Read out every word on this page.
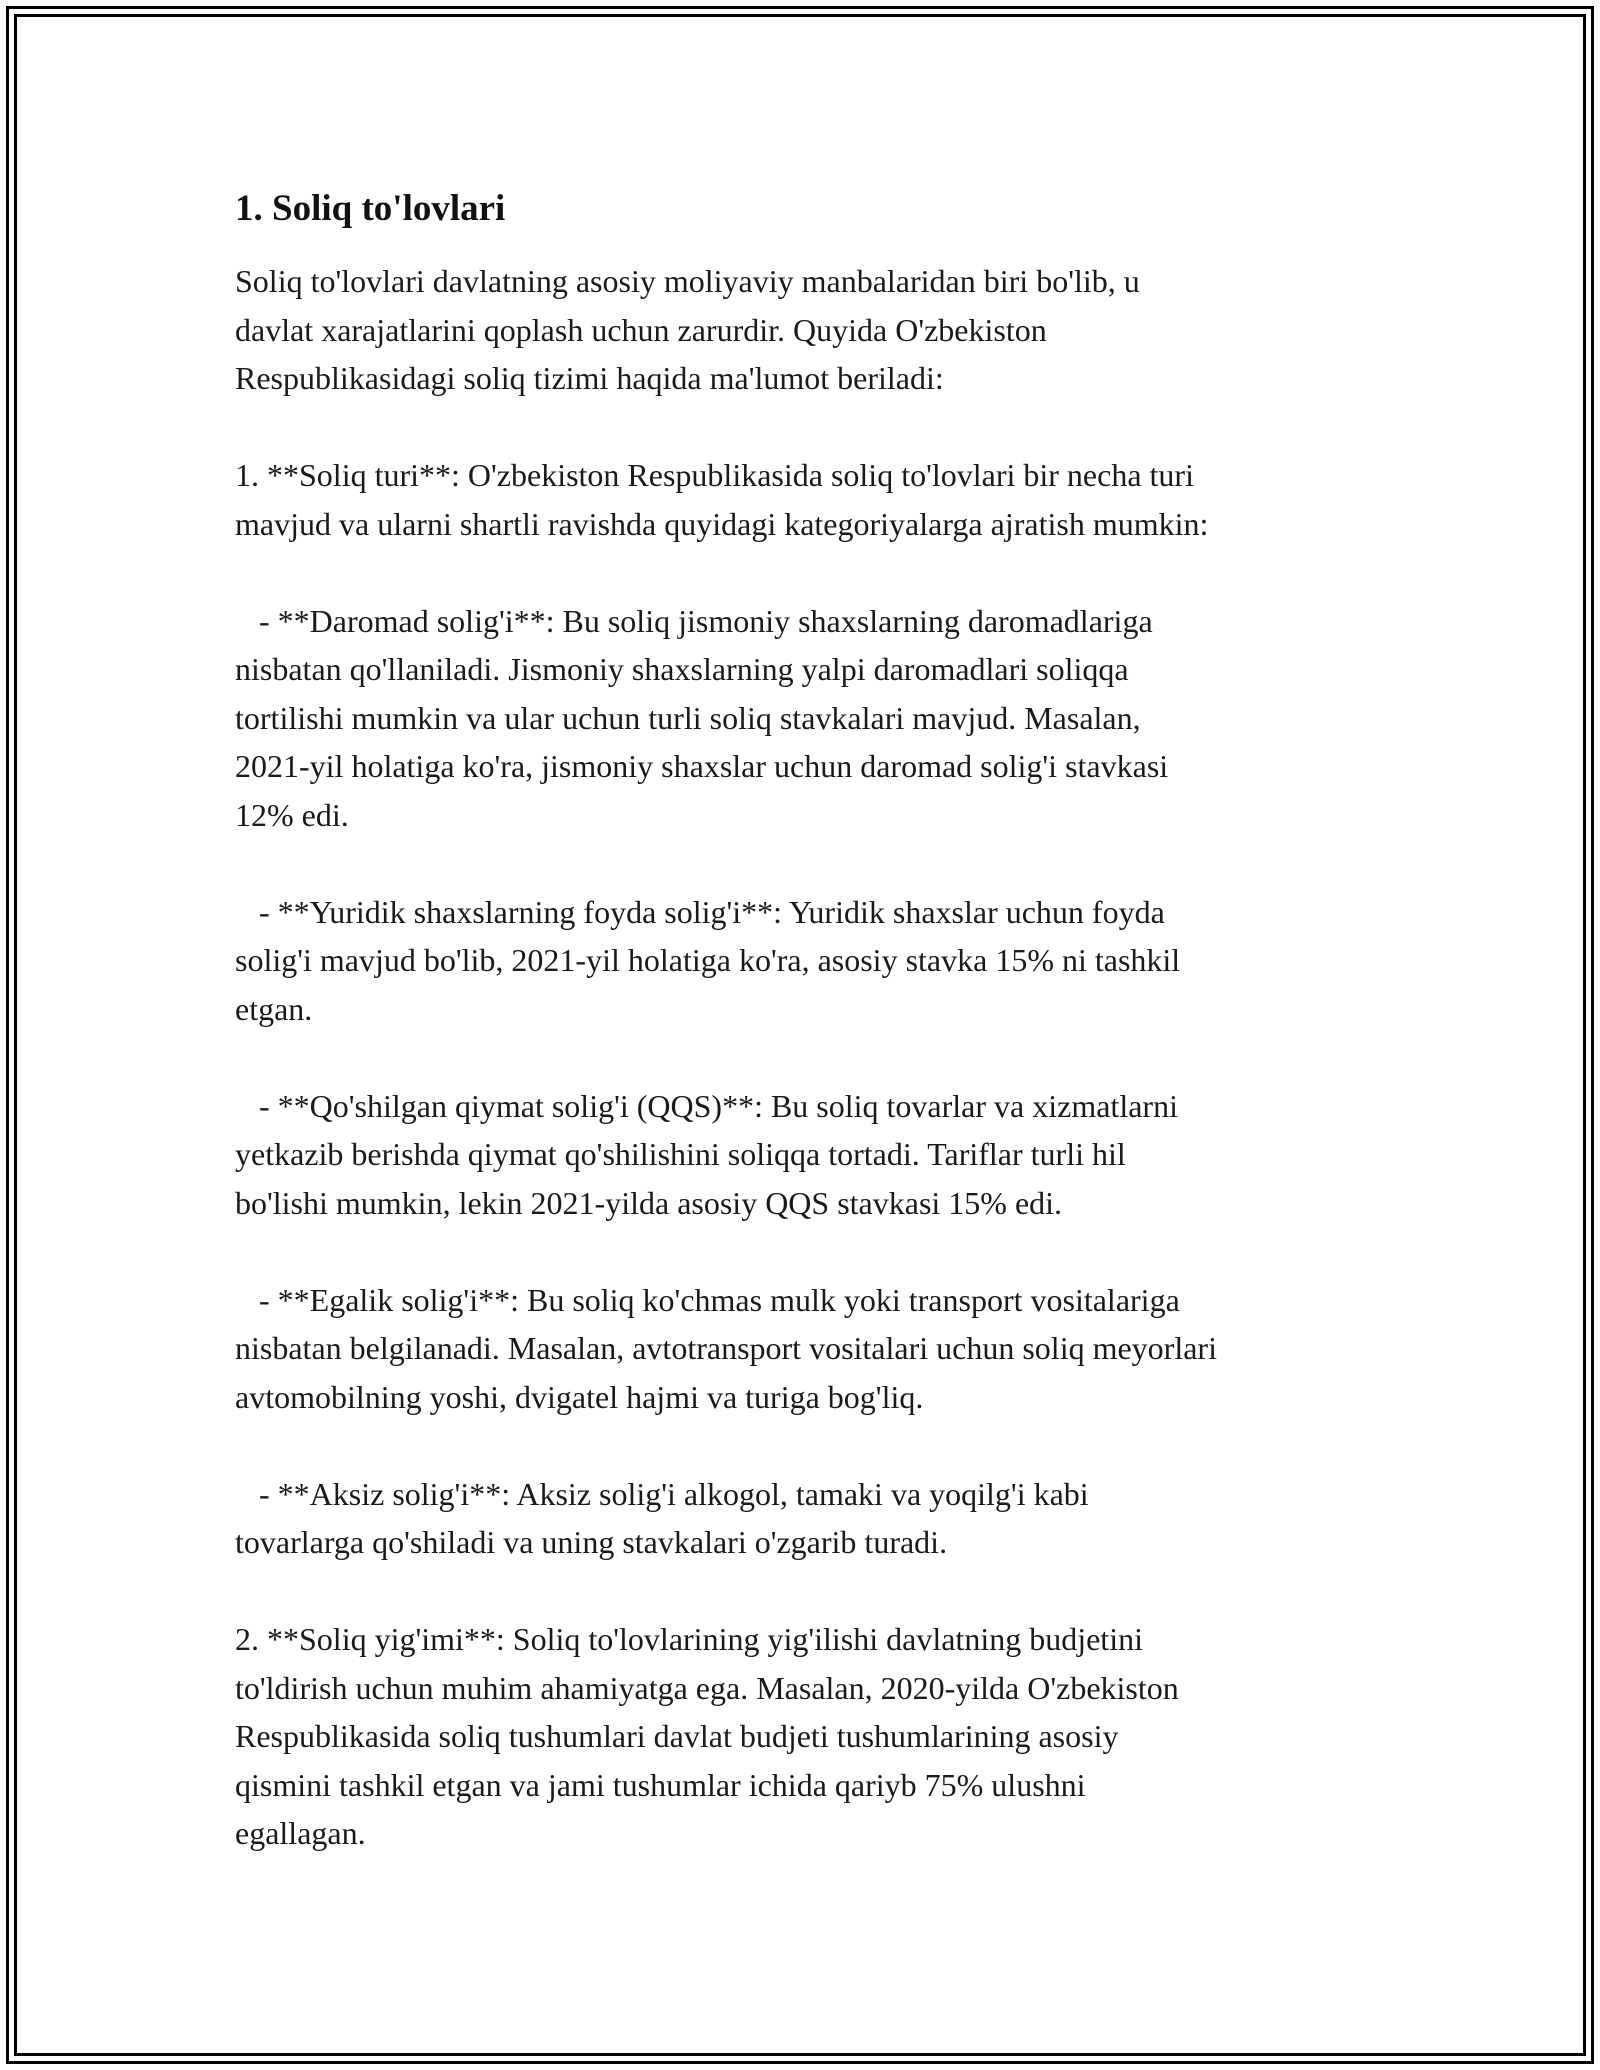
1. Soliq to'lovlari

Soliq to'lovlari davlatning asosiy moliyaviy manbalaridan biri bo'lib, u
davlat xarajatlarini qoplash uchun zarurdir. Quyida O'zbekiston
Respublikasidagi soliq tizimi haqida ma'lumot beriladi:

1. **Soliq turi**: O'zbekiston Respublikasida soliq to'lovlari bir necha turi
mavjud va ularni shartli ravishda quyidagi kategoriyalarga ajratish mumkin:

- **Daromad solig'i**: Bu soliq jismoniy shaxslarning daromadlariga
nisbatan qo'llaniladi. Jismoniy shaxslarning yalpi daromadlari soliqqa
tortilishi mumkin va ular uchun turli soliq stavkalari mavjud. Masalan,
2021-yil holatiga ko'ra, jismoniy shaxslar uchun daromad solig'i stavkasi
12% edi.

- **Yuridik shaxslarning foyda solig'i**: Yuridik shaxslar uchun foyda
solig'i mavjud bo'lib, 2021-yil holatiga ko'ra, asosiy stavka 15% ni tashkil
etgan.

- **Qo'shilgan qiymat solig'i (QQS)**: Bu soliq tovarlar va xizmatlarni
yetkazib berishda qiymat qo'shilishini soliqqa tortadi. Tariflar turli hil
bo'lishi mumkin, lekin 2021-yilda asosiy QQS stavkasi 15% edi.

- **Egalik solig'i**: Bu soliq ko'chmas mulk yoki transport vositalariga
nisbatan belgilanadi. Masalan, avtotransport vositalari uchun soliq meyorlari
avtomobilning yoshi, dvigatel hajmi va turiga bog'liq.

- **Aksiz solig'i**: Aksiz solig'i alkogol, tamaki va yoqilg'i kabi
tovarlarga qo'shiladi va uning stavkalari o'zgarib turadi.

2. **Soliq yig'imi**: Soliq to'lovlarining yig'ilishi davlatning budjetini
to'ldirish uchun muhim ahamiyatga ega. Masalan, 2020-yilda O'zbekiston
Respublikasida soliq tushumlari davlat budjeti tushumlarining asosiy
qismini tashkil etgan va jami tushumlar ichida qariyb 75% ulushni
egallagan.
